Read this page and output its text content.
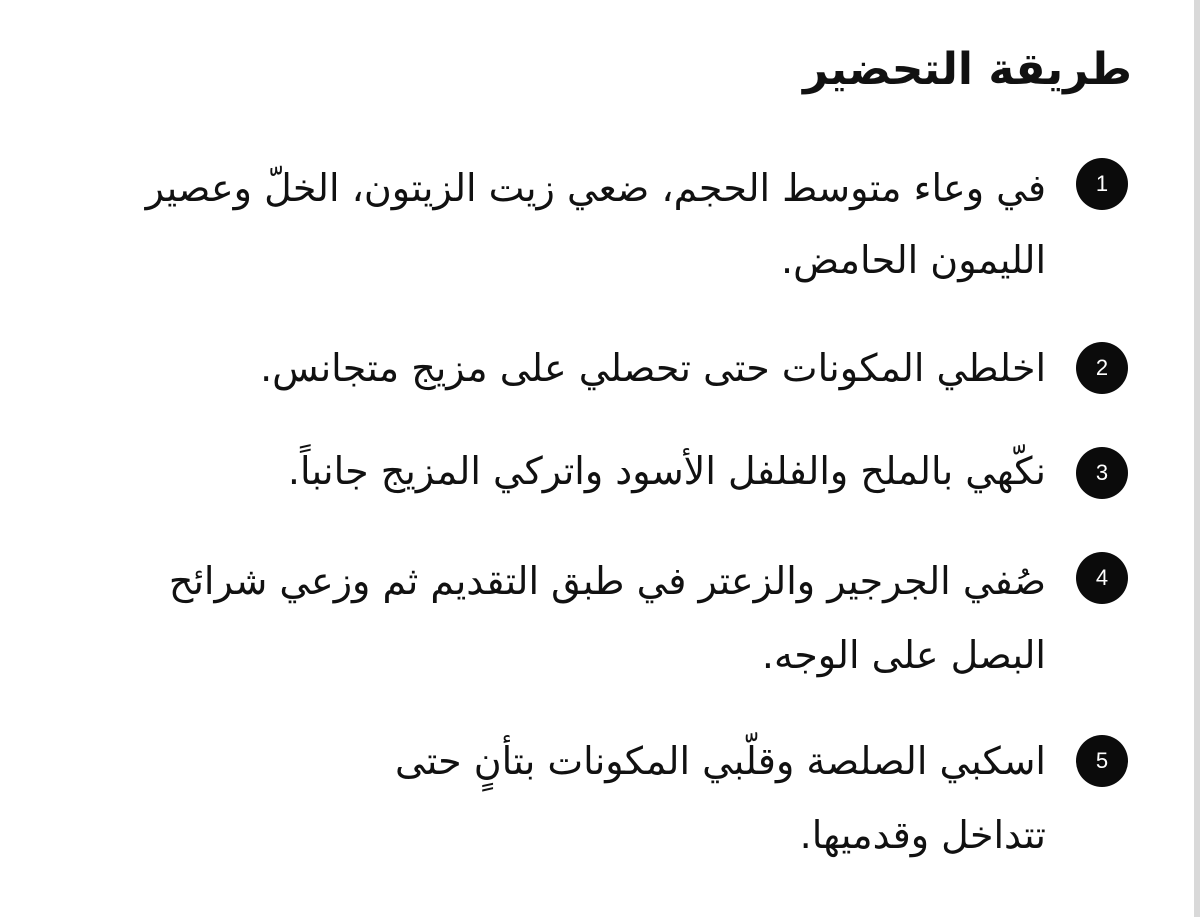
طريقة التحضير
1

في وعاء متوسط الحجم، ضعي زيت الزيتون، الخلّ وعصير

الليمون الحامض.

2

اخلطي المكونات حتى تحصلي على مزيج متجانس.

3

نكّهي بالملح والفلفل الأسود واتركي المزيج جانباً.

4

صُفي الجرجير والزعتر في طبق التقديم ثم وزعي شرائح

البصل على الوجه.

5

اسكبي الصلصة وقلّبي المكونات بتأنٍ حتى

تتداخل وقدميها.
